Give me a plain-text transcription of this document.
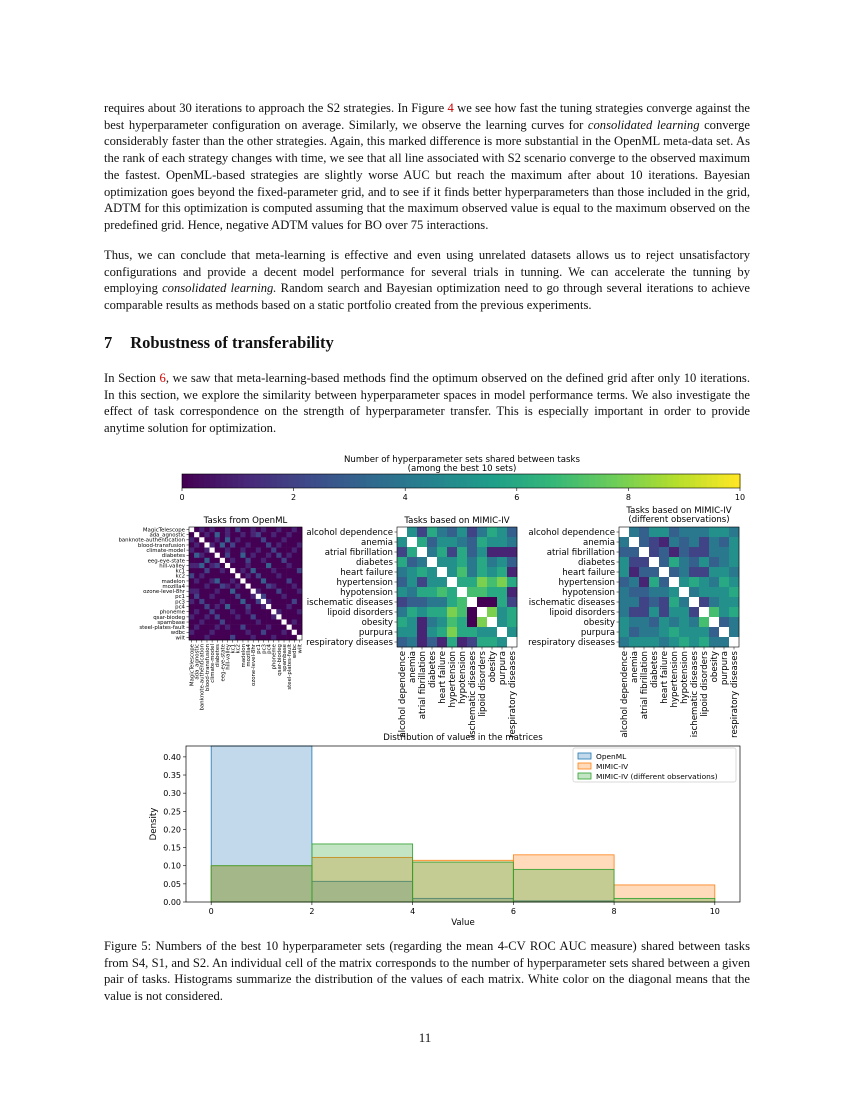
requires about 30 iterations to approach the S2 strategies. In Figure 4 we see how fast the tuning strategies converge against the best hyperparameter configuration on average. Similarly, we observe the learning curves for consolidated learning converge considerably faster than the other strategies. Again, this marked difference is more substantial in the OpenML meta-data set. As the rank of each strategy changes with time, we see that all line associated with S2 scenario converge to the observed maximum the fastest. OpenML-based strategies are slightly worse AUC but reach the maximum after about 10 iterations. Bayesian optimization goes beyond the fixed-parameter grid, and to see if it finds better hyperparameters than those included in the grid, ADTM for this optimization is computed assuming that the maximum observed value is equal to the maximum observed on the predefined grid. Hence, negative ADTM values for BO over 75 interactions.

Thus, we can conclude that meta-learning is effective and even using unrelated datasets allows us to reject unsatisfactory configurations and provide a decent model performance for several trials in tunning. We can accelerate the tunning by employing consolidated learning. Random search and Bayesian optimization need to go through several iterations to achieve comparable results as methods based on a static portfolio created from the previous experiments.

7 Robustness of transferability

In Section 6, we saw that meta-learning-based methods find the optimum observed on the defined grid after only 10 iterations. In this section, we explore the similarity between hyperparameter spaces in model performance terms. We also investigate the effect of task correspondence on the strength of hyperparameter transfer. This is especially important in order to provide anytime solution for optimization.

Number of hyperparameter sets shared between tasks
(among the best 10 sets)
0	2	4	6	8	10
Tasks from OpenML
MagicTelescope
MagicTelescope
ada_agnostic
ada_agnostic
banknote-authentication
banknote-authentication
blood-transfusion
blood-transfusion
climate-model
climate-model
diabetes
diabetes
eeg-eye-state
eeg-eye-state
hill-valley
hill-valley
kc1
kc1
kc2
kc2
madelon
madelon
mozilla4
mozilla4
ozone-level-8hr
ozone-level-8hr
pc1
pc1
pc3
pc3
pc4
pc4
phoneme
phoneme
qsar-biodeg
qsar-biodeg
spambase
spambase
steel-plates-fault
steel-plates-fault
wdbc
wdbc
wilt
wilt
Tasks based on MIMIC-IV
alcohol dependence
alcohol dependence
anemia
anemia
atrial fibrillation
atrial fibrillation
diabetes
diabetes
heart failure
heart failure
hypertension
hypertension
hypotension
hypotension
ischematic diseases
ischematic diseases
lipoid disorders
lipoid disorders
obesity
obesity
purpura
purpura
respiratory diseases
respiratory diseases
Tasks based on MIMIC-IV
(different observations)
alcohol dependence
alcohol dependence
anemia
anemia
atrial fibrillation
atrial fibrillation
diabetes
diabetes
heart failure
heart failure
hypertension
hypertension
hypotension
hypotension
ischematic diseases
ischematic diseases
lipoid disorders
lipoid disorders
obesity
obesity
purpura
purpura
respiratory diseases
respiratory diseases
Distribution of values in the matrices
0	2	4	6	8	10
0.00
0.05
0.10
0.15
0.20
0.25
0.30
0.35
0.40
Value
Density
OpenML
MIMIC-IV
MIMIC-IV (different observations)

Figure 5: Numbers of the best 10 hyperparameter sets (regarding the mean 4-CV ROC AUC measure) shared between tasks from S4, S1, and S2. An individual cell of the matrix corresponds to the number of hyperparameter sets shared between a given pair of tasks. Histograms summarize the distribution of the values of each matrix. White color on the diagonal means that the value is not considered.

11
